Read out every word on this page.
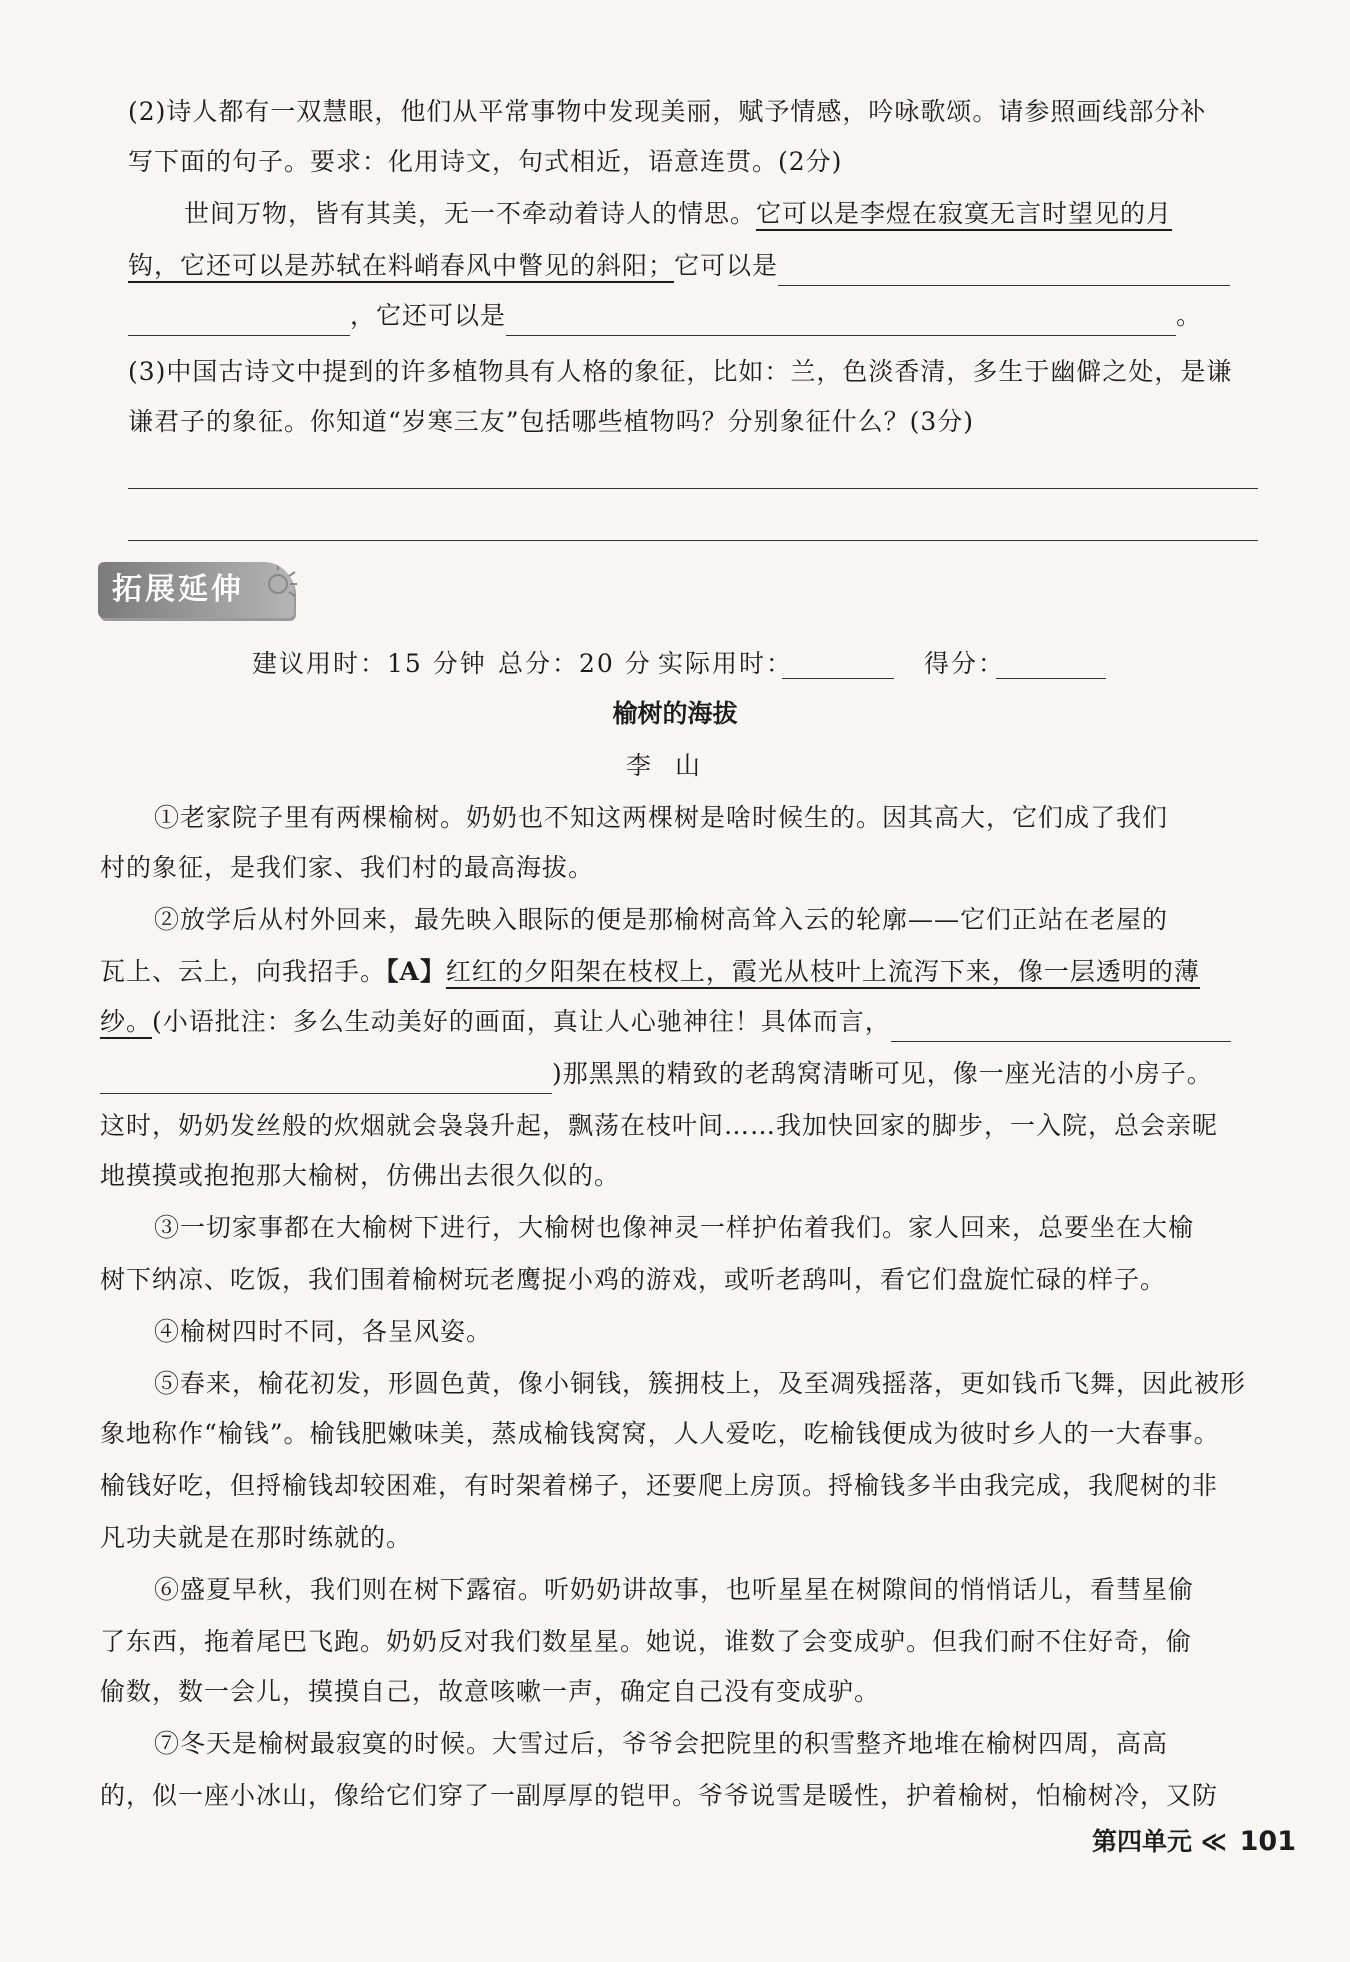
(2)诗人都有一双慧眼，他们从平常事物中发现美丽，赋予情感，吟咏歌颂。请参照画线部分补
写下面的句子。要求：化用诗文，句式相近，语意连贯。(2分)
世间万物，皆有其美，无一不牵动着诗人的情思。它可以是李煜在寂寞无言时望见的月
钩，它还可以是苏轼在料峭春风中瞥见的斜阳；它可以是
，它还可以是	。
(3)中国古诗文中提到的许多植物具有人格的象征，比如：兰，色淡香清，多生于幽僻之处，是谦
谦君子的象征。你知道“岁寒三友”包括哪些植物吗？分别象征什么？(3分)
拓展延伸
建议用时：15 分钟 总分：20 分 实际用时：	得分：
榆树的海拔
李山
①老家院子里有两棵榆树。奶奶也不知这两棵树是啥时候生的。因其高大，它们成了我们
村的象征，是我们家、我们村的最高海拔。
②放学后从村外回来，最先映入眼际的便是那榆树高耸入云的轮廓——它们正站在老屋的
瓦上、云上，向我招手。【A】红红的夕阳架在枝杈上，霞光从枝叶上流泻下来，像一层透明的薄
纱。(小语批注：多么生动美好的画面，真让人心驰神往！具体而言，
)那黑黑的精致的老鸹窝清晰可见，像一座光洁的小房子。
这时，奶奶发丝般的炊烟就会袅袅升起，飘荡在枝叶间……我加快回家的脚步，一入院，总会亲昵
地摸摸或抱抱那大榆树，仿佛出去很久似的。
③一切家事都在大榆树下进行，大榆树也像神灵一样护佑着我们。家人回来，总要坐在大榆
树下纳凉、吃饭，我们围着榆树玩老鹰捉小鸡的游戏，或听老鸹叫，看它们盘旋忙碌的样子。
④榆树四时不同，各呈风姿。
⑤春来，榆花初发，形圆色黄，像小铜钱，簇拥枝上，及至凋残摇落，更如钱币飞舞，因此被形
象地称作“榆钱”。榆钱肥嫩味美，蒸成榆钱窝窝，人人爱吃，吃榆钱便成为彼时乡人的一大春事。
榆钱好吃，但捋榆钱却较困难，有时架着梯子，还要爬上房顶。捋榆钱多半由我完成，我爬树的非
凡功夫就是在那时练就的。
⑥盛夏早秋，我们则在树下露宿。听奶奶讲故事，也听星星在树隙间的悄悄话儿，看彗星偷
了东西，拖着尾巴飞跑。奶奶反对我们数星星。她说，谁数了会变成驴。但我们耐不住好奇，偷
偷数，数一会儿，摸摸自己，故意咳嗽一声，确定自己没有变成驴。
⑦冬天是榆树最寂寞的时候。大雪过后，爷爷会把院里的积雪整齐地堆在榆树四周，高高
的，似一座小冰山，像给它们穿了一副厚厚的铠甲。爷爷说雪是暖性，护着榆树，怕榆树冷，又防
第四单元 ≪ 101
